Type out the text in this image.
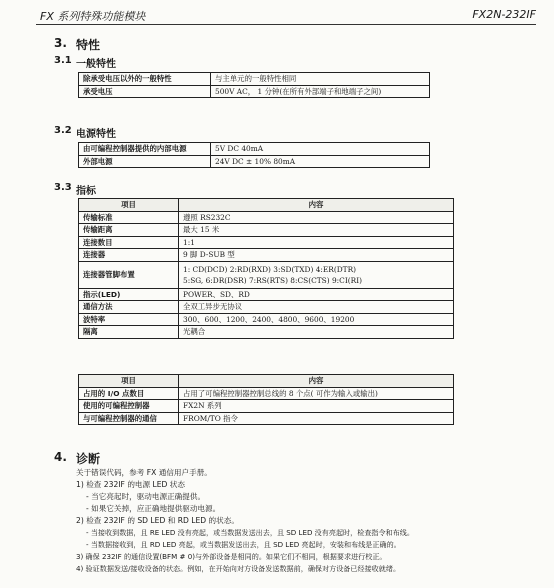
FX 系列特殊功能模块	FX2N-232IF
3. 特性
3.1 一般特性
除承受电压以外的一般特性	与主单元的一般特性相同
承受电压	500V AC， 1 分钟(在所有外部端子和地端子之间)
3.2 电源特性
由可编程控制器提供的内部电源	5V DC 40mA
外部电源	24V DC ± 10% 80mA
3.3 指标
项目	内容
传输标准	遵照 RS232C
传输距离	最大 15 米
连接数目	1:1
连接器	9 脚 D-SUB 型
连接器管脚布置	1: CD(DCD) 2:RD(RXD) 3:SD(TXD) 4:ER(DTR)
5:SG, 6:DR(DSR) 7:RS(RTS) 8:CS(CTS) 9:CI(RI)

指示(LED)	POWER、SD、RD
通信方法	全双工异步无协议
波特率	300、600、1200、2400、4800、9600、19200
隔离	光耦合
项目	内容
占用的 I/O 点数目	占用了可编程控制器控制总线的 8 个点( 可作为输入或输出)
使用的可编程控制器	FX2N 系列
与可编程控制器的通信	FROM/TO 指令
4. 诊断
关于错误代码，参考 FX 通信用户手册。
1) 检查 232IF 的电源 LED 状态
- 当它亮起时，驱动电源正确提供。
- 如果它关掉，应正确地提供驱动电源。
2) 检查 232IF 的 SD LED 和 RD LED 的状态。
- 当接收到数据，且 RE LED 没有亮起，或当数据发送出去，且 SD LED 没有亮起时，检查指令和布线。
- 当数据接收到，且 RD LED 亮起，或当数据发送出去，且 SD LED 亮起时，安装和布线是正确的。
3) 确保 232IF 的通信设置(BFM # 0)与外部设备是相同的。如果它们不相同，根据要求进行校正。
4) 验证数据发送/接收设备的状态。例如，在开始向对方设备发送数据前，确保对方设备已经接收就绪。
